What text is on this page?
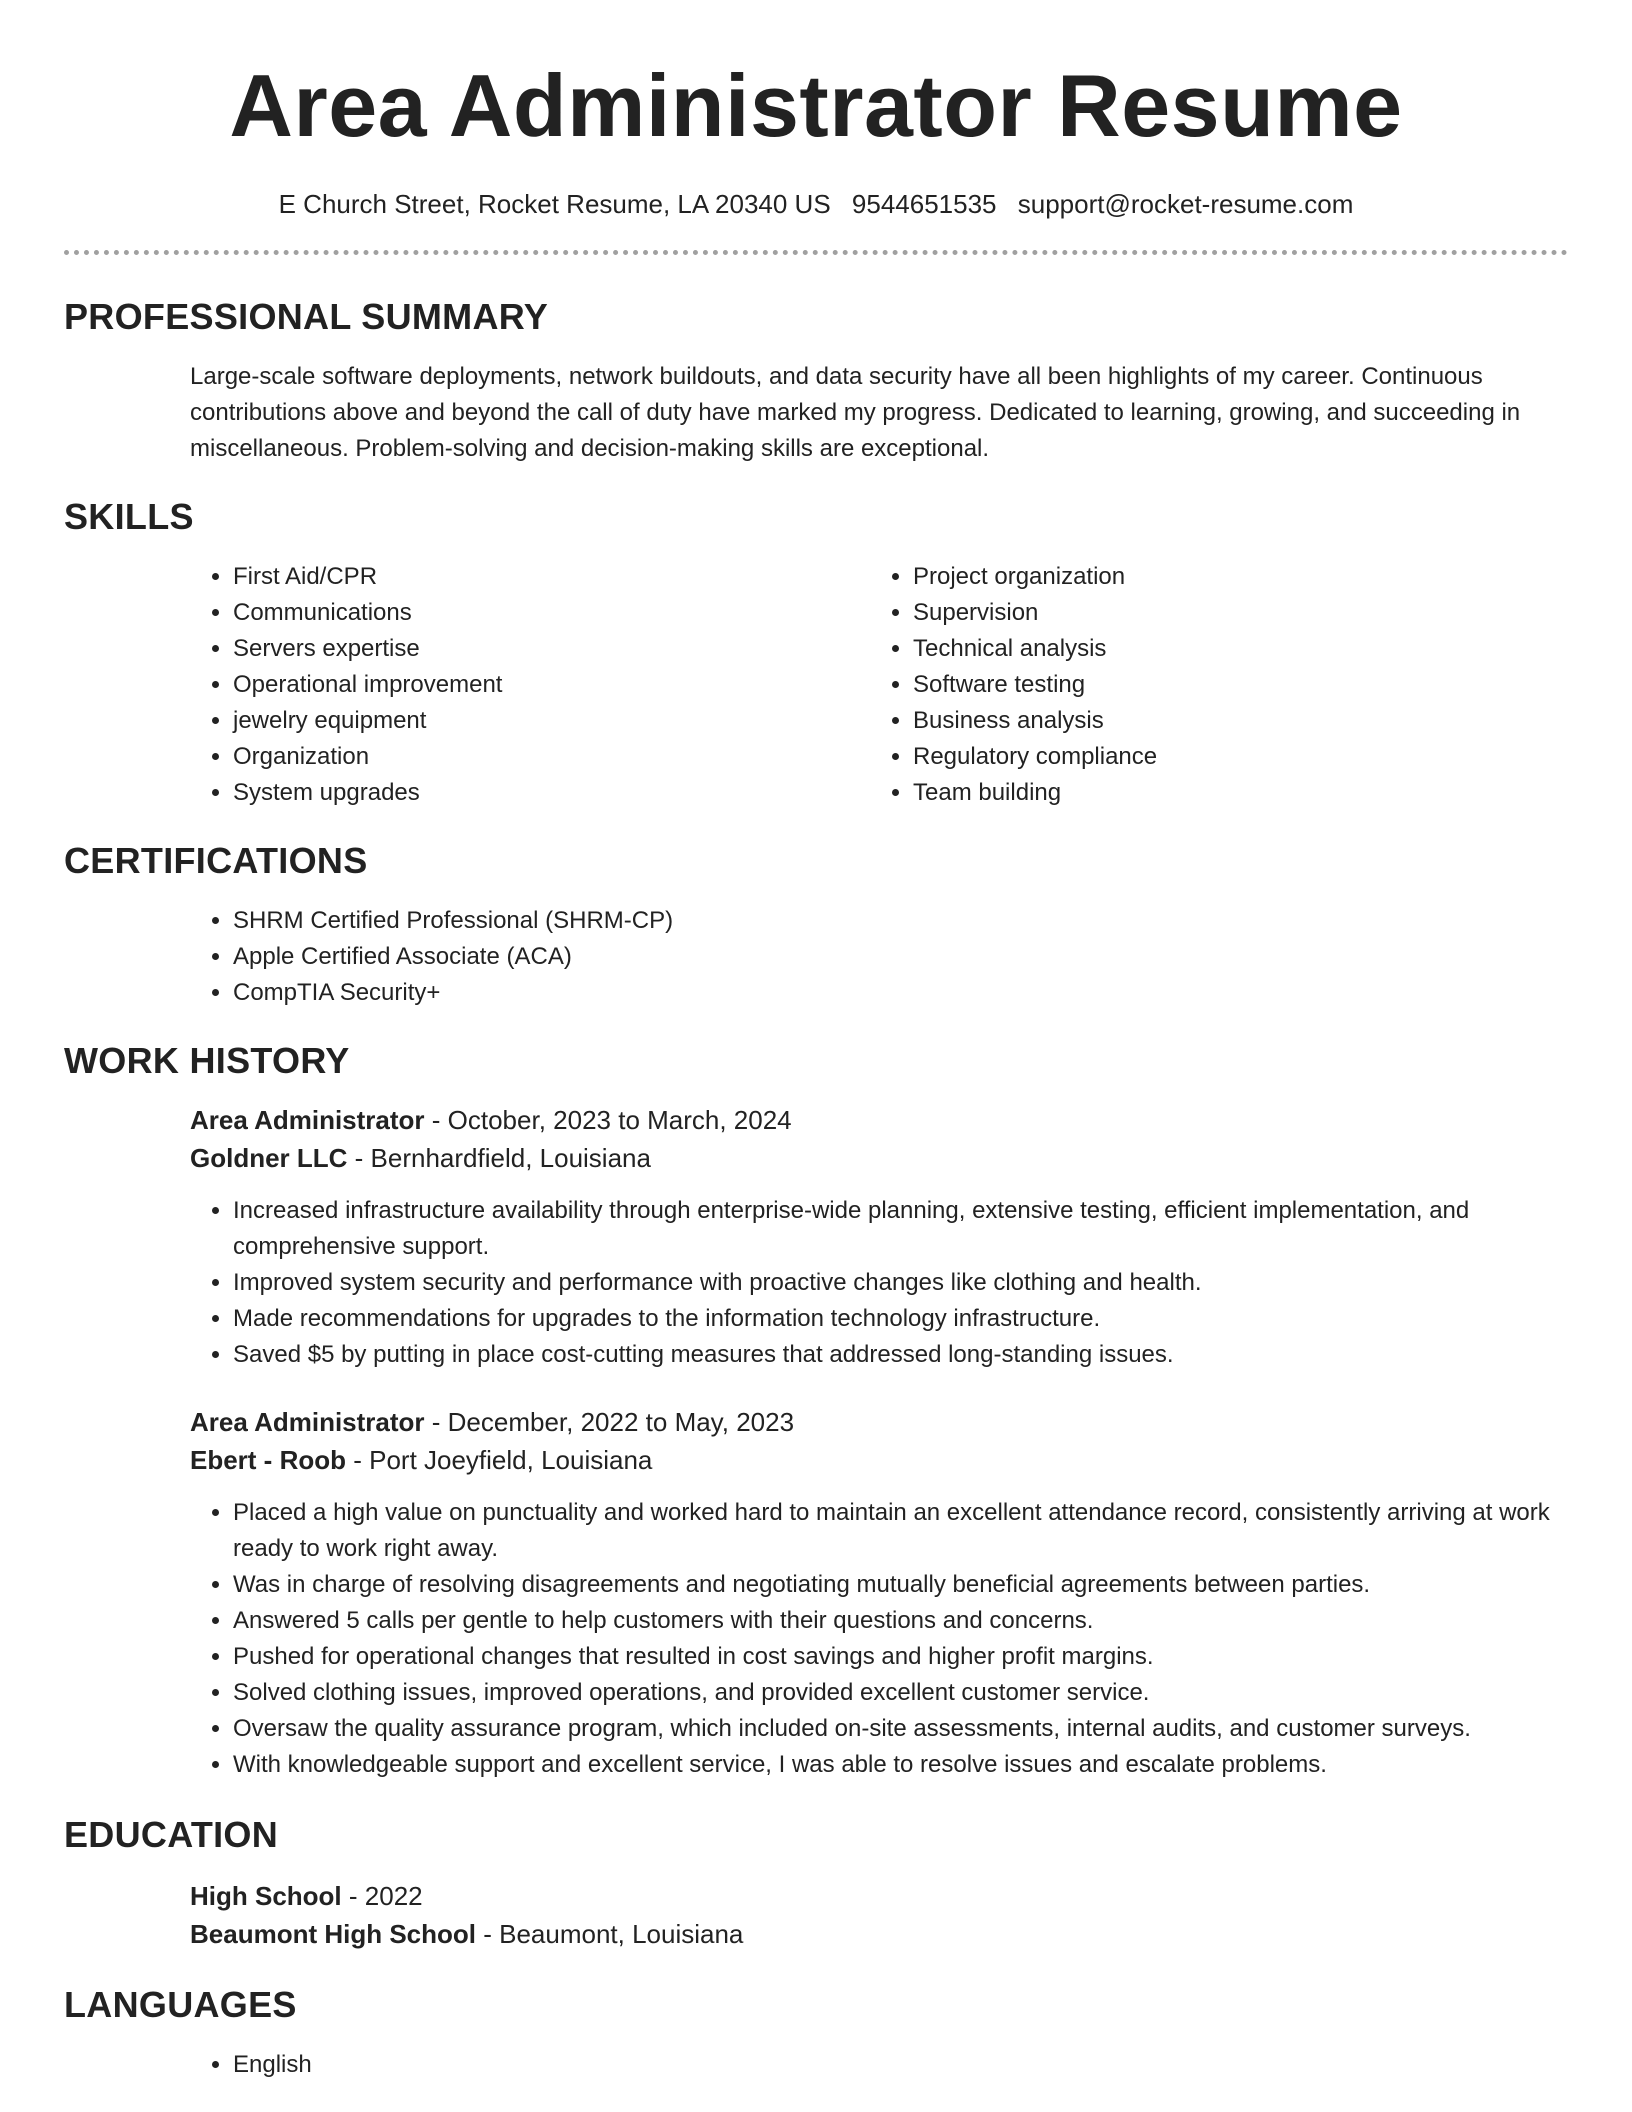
Area Administrator Resume
E Church Street, Rocket Resume, LA 20340 US 9544651535 support@rocket-resume.com
PROFESSIONAL SUMMARY

Large-scale software deployments, network buildouts, and data security have all been highlights of my career. Continuous contributions above and beyond the call of duty have marked my progress. Dedicated to learning, growing, and succeeding in miscellaneous. Problem-solving and decision-making skills are exceptional.

SKILLS
• First Aid/CPR
• Communications
• Servers expertise
• Operational improvement
• jewelry equipment
• Organization
• System upgrades
• Project organization
• Supervision
• Technical analysis
• Software testing
• Business analysis
• Regulatory compliance
• Team building
CERTIFICATIONS
• SHRM Certified Professional (SHRM-CP)
• Apple Certified Associate (ACA)
• CompTIA Security+
WORK HISTORY
Area Administrator - October, 2023 to March, 2024
Goldner LLC - Bernhardfield, Louisiana
• Increased infrastructure availability through enterprise-wide planning, extensive testing, efficient implementation, and comprehensive support.
• Improved system security and performance with proactive changes like clothing and health.
• Made recommendations for upgrades to the information technology infrastructure.
• Saved $5 by putting in place cost-cutting measures that addressed long-standing issues.
Area Administrator - December, 2022 to May, 2023
Ebert - Roob - Port Joeyfield, Louisiana
• Placed a high value on punctuality and worked hard to maintain an excellent attendance record, consistently arriving at work ready to work right away.
• Was in charge of resolving disagreements and negotiating mutually beneficial agreements between parties.
• Answered 5 calls per gentle to help customers with their questions and concerns.
• Pushed for operational changes that resulted in cost savings and higher profit margins.
• Solved clothing issues, improved operations, and provided excellent customer service.
• Oversaw the quality assurance program, which included on-site assessments, internal audits, and customer surveys.
• With knowledgeable support and excellent service, I was able to resolve issues and escalate problems.
EDUCATION
High School - 2022
Beaumont High School - Beaumont, Louisiana
LANGUAGES
• English
